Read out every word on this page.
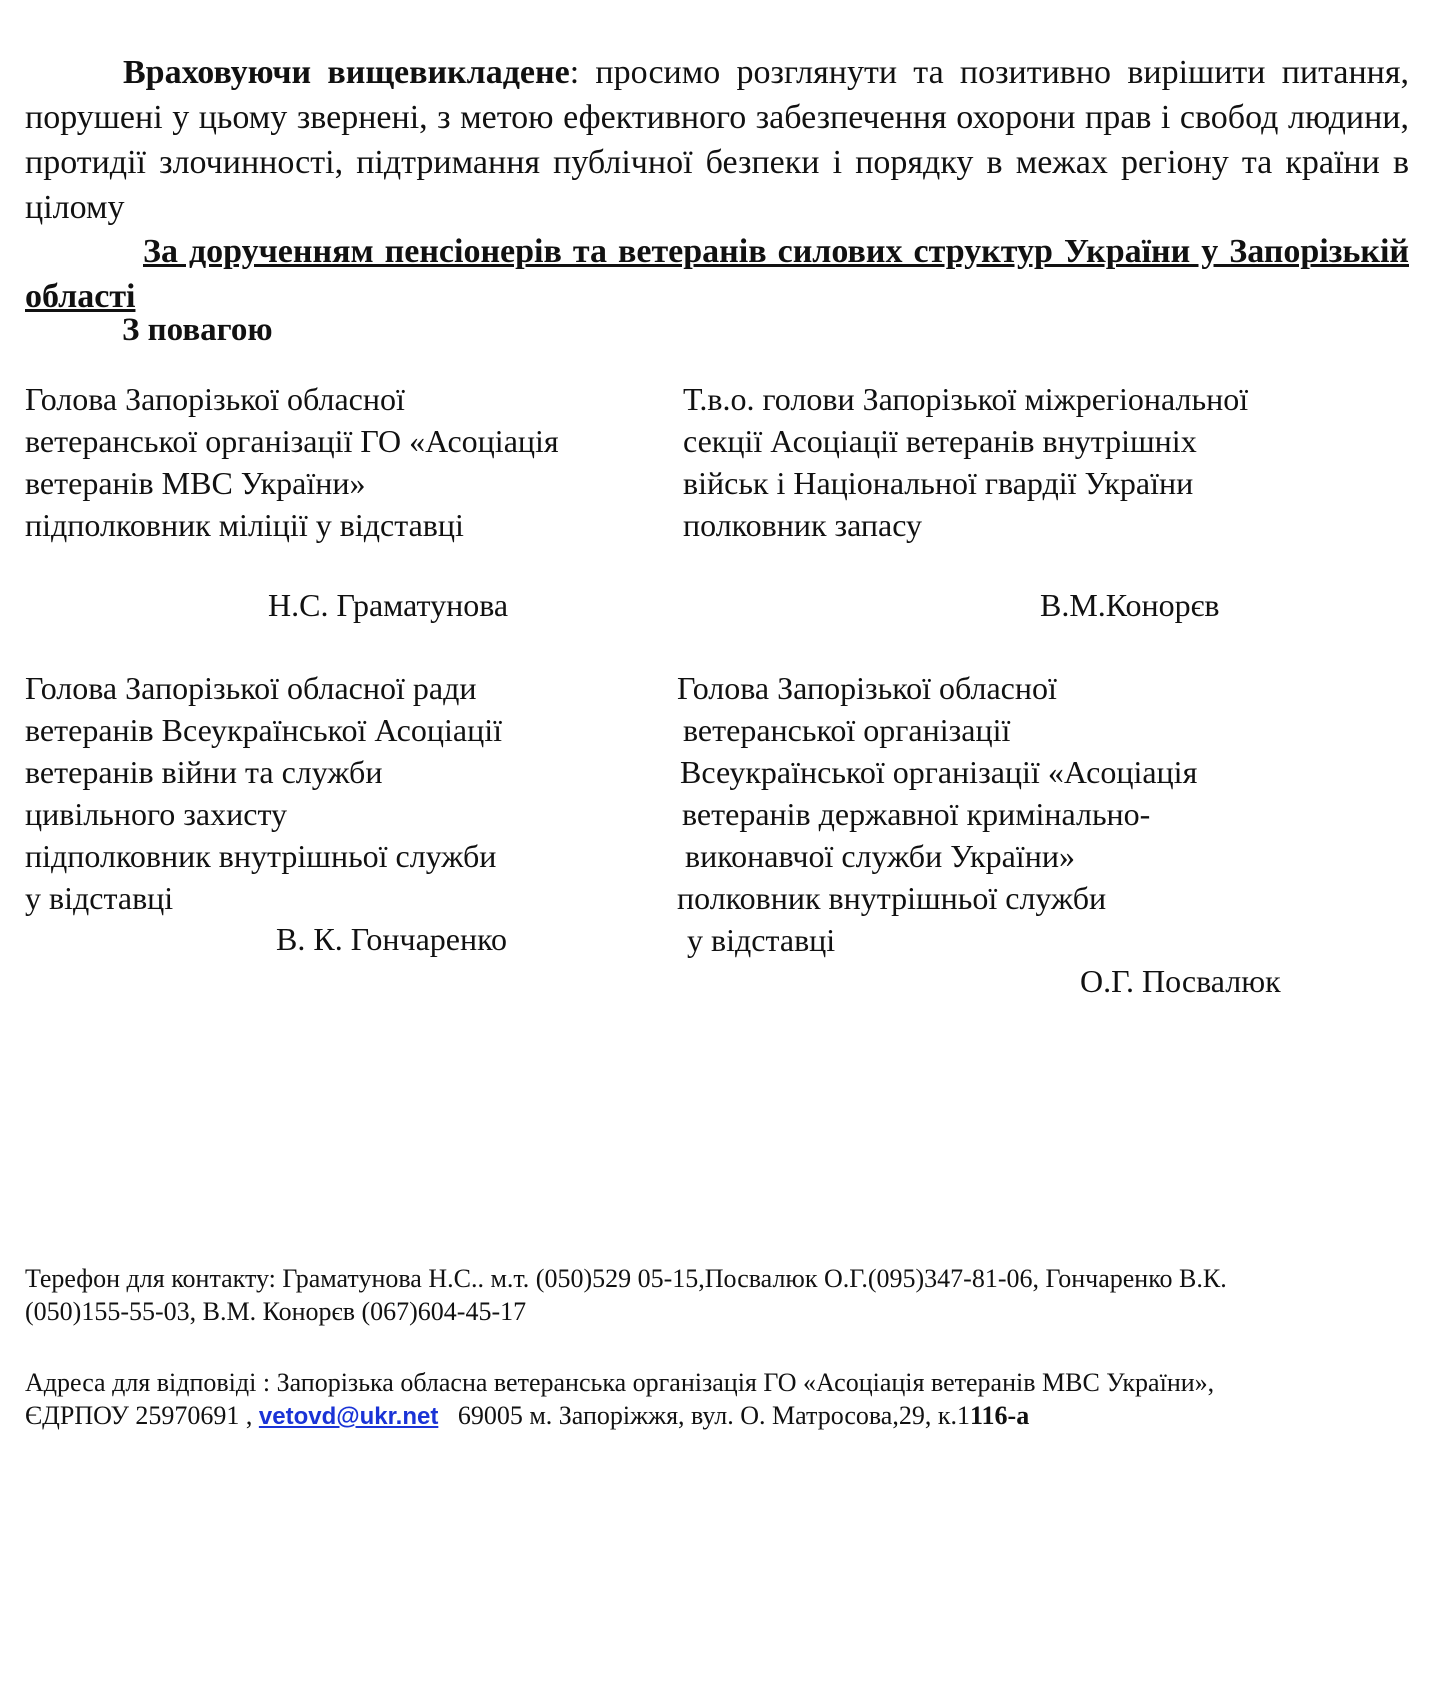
Враховуючи вищевикладене: просимо розглянути та позитивно вирішити питання, порушені у цьому звернені, з метою ефективного забезпечення охорони прав і свобод людини, протидії злочинності, підтримання публічної безпеки і порядку в межах регіону та країни в цілому

За дорученням пенсіонерів та ветеранів силових структур України у Запорізькій області

З повагою

Голова Запорізької обласної

ветеранської організації ГО «Асоціація

ветеранів МВС України»

підполковник міліції у відставці

Н.С. Граматунова

Т.в.о. голови Запорізької міжрегіональної

секції Асоціації ветеранів внутрішніх

військ і Національної гвардії України

полковник запасу

В.М.Конорєв

Голова Запорізької обласної ради

ветеранів Всеукраїнської Асоціації

ветеранів війни та служби

цивільного захисту

підполковник внутрішньої служби

у відставці

В. К. Гончаренко

Голова Запорізької обласної

ветеранської організації

Всеукраїнської організації «Асоціація

ветеранів державної кримінально-

виконавчої служби України»

полковник внутрішньої служби

у відставці

О.Г. Посвалюк

Терефон для контакту: Граматунова Н.С.. м.т. (050)529 05-15,Посвалюк О.Г.(095)347-81-06, Гончаренко В.К.

(050)155-55-03, В.М. Конорєв (067)604-45-17

Адреса для відповіді : Запорізька обласна ветеранська організація ГО «Асоціація ветеранів МВС України»,

ЄДРПОУ 25970691 , vetovd@ukr.net   69005 м. Запоріжжя, вул. О. Матросова,29, к.1116-а
